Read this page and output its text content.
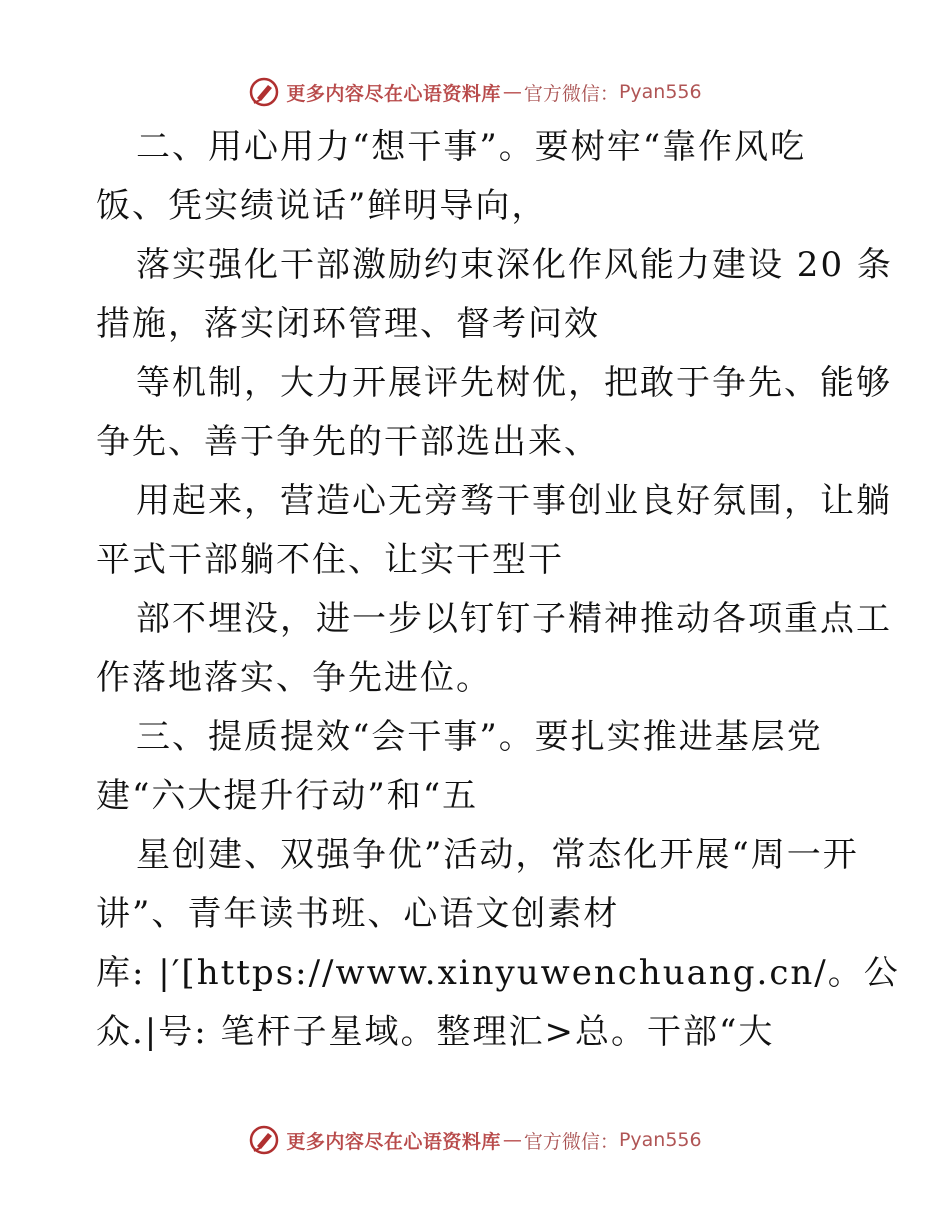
更多内容尽在心语资料库 — 官方微信： Pyan556
二、用心用力“想干事”。要树牢“靠作风吃
饭、凭实绩说话”鲜明导向，
落实强化干部激励约束深化作风能力建设 20 条
措施，落实闭环管理、督考问效
等机制，大力开展评先树优，把敢于争先、能够
争先、善于争先的干部选出来、
用起来，营造心无旁骛干事创业良好氛围，让躺
平式干部躺不住、让实干型干
部不埋没，进一步以钉钉子精神推动各项重点工
作落地落实、争先进位。
三、提质提效“会干事”。要扎实推进基层党
建“六大提升行动”和“五
星创建、双强争优”活动，常态化开展“周一开
讲”、青年读书班、心语文创素材
库: |′[https://www.xinyuwenchuang.cn/。公
众.|号: 笔杆子星域。整理汇>总。干部“大
更多内容尽在心语资料库 — 官方微信： Pyan556
